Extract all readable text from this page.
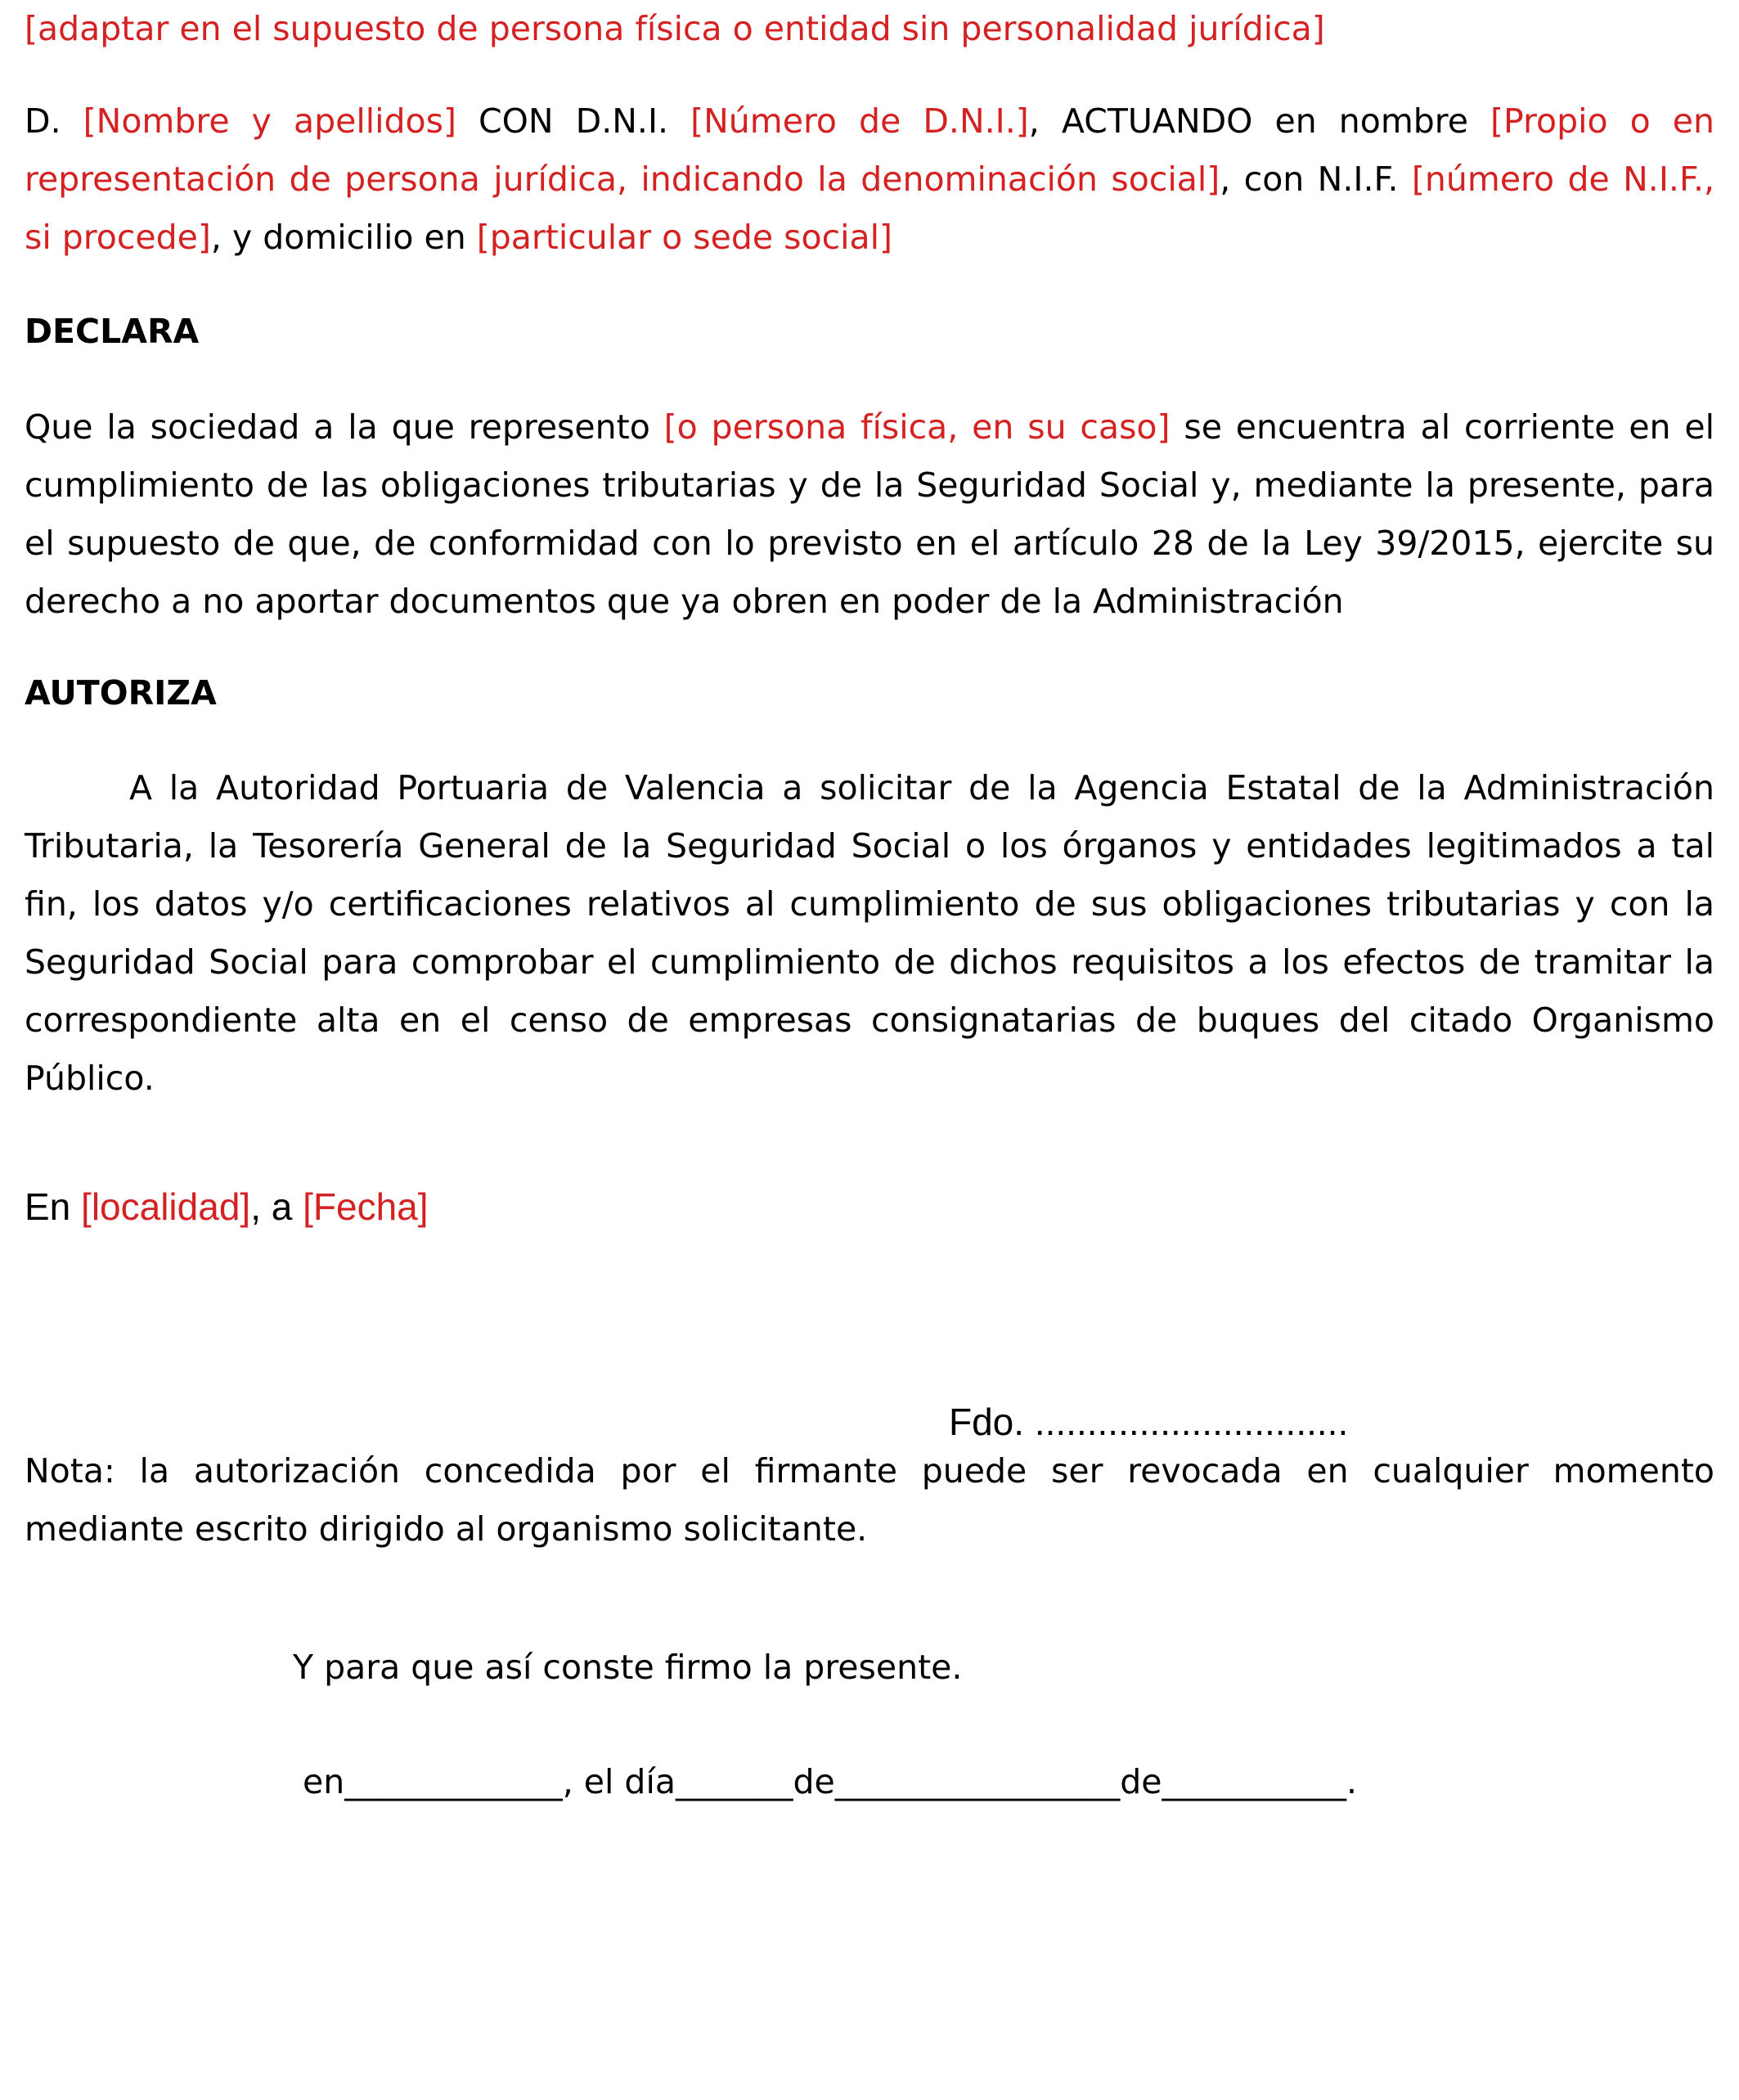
[adaptar en el supuesto de persona física o entidad sin personalidad jurídica]

D. [Nombre y apellidos] CON D.N.I. [Número de D.N.I.], ACTUANDO en nombre [Propio o en representación de persona jurídica, indicando la denominación social], con N.I.F. [número de N.I.F., si procede], y domicilio en [particular o sede social]

DECLARA

Que la sociedad a la que represento [o persona física, en su caso] se encuentra al corriente en el cumplimiento de las obligaciones tributarias y de la Seguridad Social y, mediante la presente, para el supuesto de que, de conformidad con lo previsto en el artículo 28 de la Ley 39/2015, ejercite su derecho a no aportar documentos que ya obren en poder de la Administración

AUTORIZA

A la Autoridad Portuaria de Valencia a solicitar de la Agencia Estatal de la Administración Tributaria, la Tesorería General de la Seguridad Social o los órganos y entidades legitimados a tal fin, los datos y/o certificaciones relativos al cumplimiento de sus obligaciones tributarias y con la Seguridad Social para comprobar el cumplimiento de dichos requisitos a los efectos de tramitar la correspondiente alta en el censo de empresas consignatarias de buques del citado Organismo Público.

En [localidad], a [Fecha]

Fdo. ..............................

Nota: la autorización concedida por el firmante puede ser revocada en cualquier momento mediante escrito dirigido al organismo solicitante.

Y para que así conste firmo la presente.

en_____________, el día_______de_________________de___________.
